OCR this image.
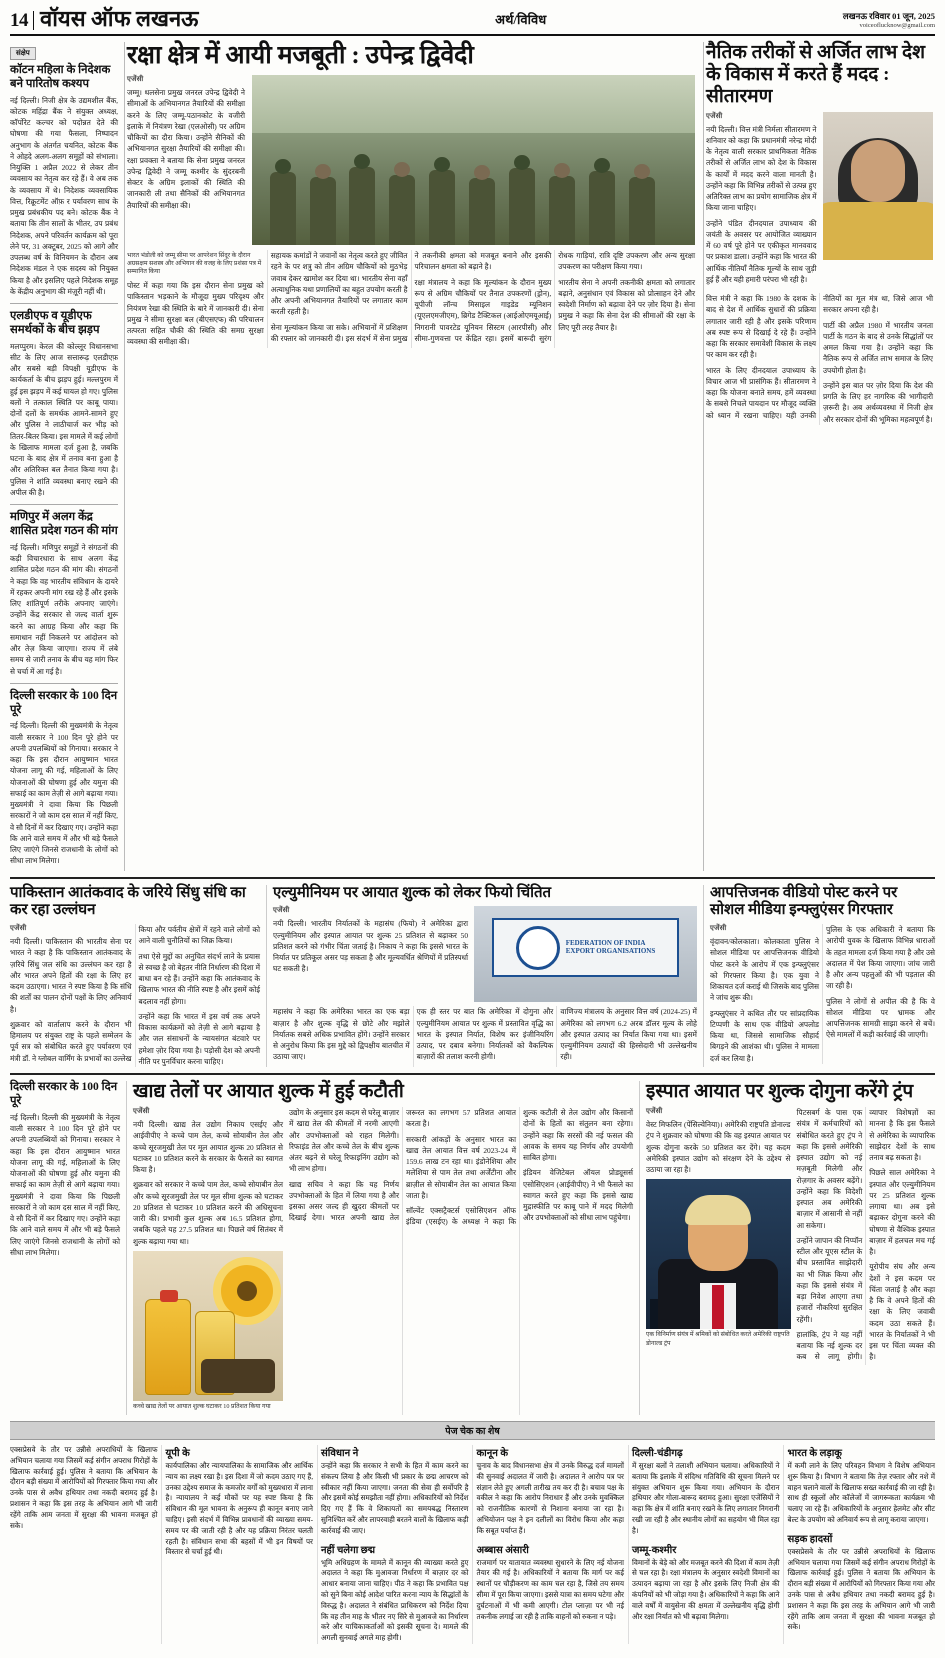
14 वॉयस ऑफ लखनऊ	अर्थ/विविध	लखनऊ रविवार 01 जून, 2025
voiceoflucknow@gmail.com
संक्षेप
कॉटन महिला के निदेशक बने पारितोष कश्यप

नई दिल्ली। निजी क्षेत्र के उद्यमशील बैंक, कोटक महिंद्रा बैंक ने संयुक्त अध्यक्ष, कॉर्पोरेट कल्चर को पदोन्नत देते की घोषणा की गया फैसला, निष्पादन अनुभाग के अंतर्गत चयनित, कोटक बैंक ने ओहदे अलग-अलग समूहों को संभाला। नियुक्ति 1 अप्रैल 2022 से लेकर तीन व्यवसाय का नेतृत्व कर रहे हैं। वे अब तक के व्यवसाय में थे। निदेशक व्यवसायिक वित्त, रिक्रूटमेंट ऑफ़ र पर्यावरण साथ के प्रमुख प्रबंधकीय पद बने। कोटक बैंक ने बताया कि तीन सालों के भीतर, उप प्रबंध निदेशक, अपने परिवर्तन कार्यक्रम को पूरा लेने पर, 31 अक्टूबर, 2025 को आगे और उपलब्ध वर्ष के विनियमन के दौरान अब निदेशक मंडल ने एक सदस्य को नियुक्त किया है और इसलिए पहले निदेशक समूह के केंद्रीय अनुभाग की मंज़ूरी नहीं थी।

एलडीएफ व यूडीएफ समर्थकों के बीच झड़प

मलप्पुरम। केरल की कोल्लूर विधानसभा सीट के लिए आज सत्तारूढ़ एलडीएफ़ और सबसे बड़ी विपक्षी यूडीएफ के कार्यकर्ता के बीच झड़प हुई। मल्लपुरम में हुई इस झड़प में कई घायल हो गए। पुलिस बलों ने तत्काल स्थिति पर काबू पाया। दोनों दलों के समर्थक आमने-सामने हुए और पुलिस ने लाठीचार्ज कर भीड़ को तितर-बितर किया। इस मामले में कई लोगों के खिलाफ मामला दर्ज हुआ है, जबकि घटना के बाद क्षेत्र में तनाव बना हुआ है और अतिरिक्त बल तैनात किया गया है। पुलिस ने शांति व्यवस्था बनाए रखने की अपील की है।

मणिपुर में अलग केंद्र शासित प्रदेश गठन की मांग

नई दिल्ली। मणिपुर समूहों ने संगठनों की कड़ी विचारधारा के साथ अलग केंद्र शासित प्रदेश गठन की मांग की। संगठनों ने कहा कि वह भारतीय संविधान के दायरे में रहकर अपनी मांग रख रहे हैं और इसके लिए शांतिपूर्ण तरीके अपनाए जाएंगे। उन्होंने केंद्र सरकार से जल्द वार्ता शुरू करने का आग्रह किया और कहा कि समाधान नहीं निकलने पर आंदोलन को और तेज़ किया जाएगा। राज्य में लंबे समय से जारी तनाव के बीच यह मांग फिर से चर्चा में आ गई है।

दिल्ली सरकार के 100 दिन पूरे

नई दिल्ली। दिल्ली की मुख्यमंत्री के नेतृत्व वाली सरकार ने 100 दिन पूरे होने पर अपनी उपलब्धियों को गिनाया। सरकार ने कहा कि इस दौरान आयुष्मान भारत योजना लागू की गई, महिलाओं के लिए योजनाओं की घोषणा हुई और यमुना की सफाई का काम तेज़ी से आगे बढ़ाया गया। मुख्यमंत्री ने दावा किया कि पिछली सरकारों ने जो काम दस साल में नहीं किए, वे सौ दिनों में कर दिखाए गए। उन्होंने कहा कि आने वाले समय में और भी बड़े फैसले लिए जाएंगे जिनसे राजधानी के लोगों को सीधा लाभ मिलेगा।

रक्षा क्षेत्र में आयी मजबूती : उपेन्द्र द्विवेदी
एजेंसी

जम्मू। थलसेना प्रमुख जनरल उपेन्द्र द्विवेदी ने सीमाओं के अभियानगत तैयारियों की समीक्षा करने के लिए जम्मू-पठानकोट के वजीरी इलाके में नियंत्रण रेखा (एलओसी) पर अग्रिम चौकियों का दौरा किया। उन्होंने सैनिकों की अभियानगत सुरक्षा तैयारियों की समीक्षा की। रक्षा प्रवक्ता ने बताया कि सेना प्रमुख जनरल उपेन्द्र द्विवेदी ने जम्मू कश्मीर के सुंदरबनी सेक्टर के अग्रिम इलाकों की स्थिति की जानकारी ली तथा सैनिकों की अभियानगत तैयारियों की समीक्षा की।

भारत भंडोली को जम्मू सीमा पर आपरेशन सिंदूर के दौरान अग्रसक्षम सशस्त्र और अभियान की वजह के लिए प्रशंसा पत्र में सम्मानित किया

पोस्ट में कहा गया कि इस दौरान सेना प्रमुख को पाकिस्तान भड़काने के मौजूदा मुख्य परिदृश्य और नियंत्रण रेखा की स्थिति के बारे में जानकारी दी। सेना प्रमुख ने सीमा सुरक्षा बल (बीएसएफ) की परिचालन तत्परता सहित चौकी की स्थिति की समग्र सुरक्षा व्यवस्था की समीक्षा की।

सहायक कमांडों ने जवानों का नेतृत्व करते हुए जीवित रहने के पर शत्रु को तीन अग्रिम चौकियों को मुठभेड़ जवाब देकर खामोश कर दिया था। भारतीय सेना वहाँ अत्याधुनिक यथा प्रणालियों का बहुत उपयोग करती है और अपनी अभियानगत तैयारियों पर लगातार काम करती रहती है।

सेना मूल्यांकन किया जा सके। अभियानों में प्रशिक्षण की रफ्तार को जानकारी दी। इस संदर्भ में सेना प्रमुख ने तकनीकी क्षमता को मजबूत बनाने और इसकी परिचालन क्षमता को बढ़ाने है।

रक्षा मंत्रालय ने कहा कि मूल्यांकन के दौरान मुख्य रूप से अग्रिम चौकियों पर तैनात उपकरणों (ड्रोन), यूपीजी लॉन्च मिसाइल गाइडेड म्यूनिशन (यूएलएमजीएम), ब्रिगेड टैक्टिकल (आईओएमयूआई) निगरानी पावरटेड यूनियन सिस्टम (आरपीसी) और सीमा-गुणवत्ता पर केंद्रित रहा। इसमें बारूदी सुरंग रोधक गाड़ियां, रात्रि दृष्टि उपकरण और अन्य सुरक्षा उपकरण का परीक्षण किया गया।

भारतीय सेना ने अपनी तकनीकी क्षमता को लगातार बढ़ाने, अनुसंधान एवं विकास को प्रोत्साहन देने और स्वदेशी निर्माण को बढ़ावा देने पर ज़ोर दिया है। सेना प्रमुख ने कहा कि सेना देश की सीमाओं की रक्षा के लिए पूरी तरह तैयार है।

नैतिक तरीकों से अर्जित लाभ देश के विकास में करते हैं मदद : सीतारमण
एजेंसी

नयी दिल्ली। वित्त मंत्री निर्मला सीतारमण ने शनिवार को कहा कि प्रधानमंत्री नरेन्द्र मोदी के नेतृत्व वाली सरकार प्राथमिकता नैतिक तरीकों से अर्जित लाभ को देश के विकास के कार्यों में मदद करने वाला मानती है। उन्होंने कहा कि विभिन्न तरीकों से उत्पन्न हुए अतिरिक्त लाभ का प्रयोग सामाजिक क्षेत्र में किया जाना चाहिए।

उन्होंने पंडित दीनदयाल उपाध्याय की जयंती के अवसर पर आयोजित व्याख्यान में 60 वर्ष पूरे होने पर एकीकृत मानववाद पर प्रकाश डाला। उन्होंने कहा कि भारत की आर्थिक नीतियाँ नैतिक मूल्यों के साथ जुड़ी हुई हैं और यही हमारी परंपरा भी रही है।

वित्त मंत्री ने कहा कि 1980 के दशक के बाद से देश में आर्थिक सुधारों की प्रक्रिया लगातार जारी रही है और इसके परिणाम अब स्पष्ट रूप से दिखाई दे रहे हैं। उन्होंने कहा कि सरकार समावेशी विकास के लक्ष्य पर काम कर रही है।

भारत के लिए दीनदयाल उपाध्याय के विचार आज भी प्रासंगिक हैं। सीतारमण ने कहा कि योजना बनाते समय, हमें व्यवस्था के सबसे निचले पायदान पर मौजूद व्यक्ति को ध्यान में रखना चाहिए। यही उनकी नीतियों का मूल मंत्र था, जिसे आज भी सरकार अपना रही है।

पार्टी की अप्रैल 1980 में भारतीय जनता पार्टी के गठन के बाद से उनके सिद्धांतों पर अमल किया गया है। उन्होंने कहा कि नैतिक रूप से अर्जित लाभ समाज के लिए उपयोगी होता है।

उन्होंने इस बात पर ज़ोर दिया कि देश की प्रगति के लिए हर नागरिक की भागीदारी ज़रूरी है। अब अर्थव्यवस्था में निजी क्षेत्र और सरकार दोनों की भूमिका महत्वपूर्ण है।

पाकिस्तान आतंकवाद के जरिये सिंधु संधि का कर रहा उल्लंघन
एजेंसी

नयी दिल्ली। पाकिस्तान की भारतीय सेना पर भारत ने कहा है कि पाकिस्तान आतंकवाद के ज़रिये सिंधु जल संधि का उल्लंघन कर रहा है और भारत अपने हितों की रक्षा के लिए हर कदम उठाएगा। भारत ने स्पष्ट किया है कि संधि की शर्तों का पालन दोनों पक्षों के लिए अनिवार्य है।

शुक्रवार को वार्तालाप करने के दौरान भी हिमालय पर संयुक्त राष्ट्र के पहले सम्मेलन के पूर्व सत्र को संबोधित करते हुए पर्यावरण एवं मंत्री डॉ. ने ग्लोबल वार्मिंग के प्रभावों का उल्लेख किया और पर्वतीय क्षेत्रों में रहने वाले लोगों को आने वाली चुनौतियों का जिक्र किया।

तथा ऐसे मुद्दों का अनुचित संदर्भ लाने के प्रयास से स्वच्छ है जो बेहतर नीति निर्धारण की दिशा में बाधा बन रहे हैं। उन्होंने कहा कि आतंकवाद के खिलाफ भारत की नीति स्पष्ट है और इसमें कोई बदलाव नहीं होगा।

उन्होंने कहा कि भारत में इस वर्ष तक अपने विकास कार्यक्रमों को तेज़ी से आगे बढ़ाया है और जल संसाधनों के न्यायसंगत बंटवारे पर हमेशा ज़ोर दिया गया है। पड़ोसी देश को अपनी नीति पर पुनर्विचार करना चाहिए।

एल्युमीनियम पर आयात शुल्क को लेकर फियो चिंतित
एजेंसी

नयी दिल्ली। भारतीय निर्यातकों के महासंघ (फियो) ने अमेरिका द्वारा एल्युमीनियम और इस्पात आयात पर शुल्क 25 प्रतिशत से बढ़ाकर 50 प्रतिशत करने को गंभीर चिंता जताई है। निकाय ने कहा कि इससे भारत के निर्यात पर प्रतिकूल असर पड़ सकता है और मूल्यवर्धित श्रेणियों में प्रतिस्पर्धा घट सकती है।

FEDERATION OF INDIA
EXPORT ORGANISATIONS

महासंघ ने कहा कि अमेरिका भारत का एक बड़ा बाज़ार है और शुल्क वृद्धि से छोटे और मझोले निर्यातक सबसे अधिक प्रभावित होंगे। उन्होंने सरकार से अनुरोध किया कि इस मुद्दे को द्विपक्षीय बातचीत में उठाया जाए।

एक ही स्तर पर बात कि अमेरिका में दोगुना और एल्युमीनियम आयात पर शुल्क में प्रस्तावित वृद्धि का भारत के इस्पात निर्यात, विशेष कर इंजीनियरिंग उत्पाद, पर दबाव बनेगा। निर्यातकों को वैकल्पिक बाज़ारों की तलाश करनी होगी।

वाणिज्य मंत्रालय के अनुसार वित्त वर्ष (2024-25) में अमेरिका को लगभग 6.2 अरब डॉलर मूल्य के लोहे और इस्पात उत्पाद का निर्यात किया गया था। इसमें एल्युमीनियम उत्पादों की हिस्सेदारी भी उल्लेखनीय रही।

आपत्तिजनक वीडियो पोस्ट करने पर सोशल मीडिया इन्फ्लुएंसर गिरफ्तार
एजेंसी

वृंदावन/कोलकाता। कोलकाता पुलिस ने सोशल मीडिया पर आपत्तिजनक वीडियो पोस्ट करने के आरोप में एक इन्फ्लुएंसर को गिरफ्तार किया है। एक युवा ने शिकायत दर्ज कराई थी जिसके बाद पुलिस ने जांच शुरू की।

इन्फ्लुएंसर ने कथित तौर पर सांप्रदायिक टिप्पणी के साथ एक वीडियो अपलोड किया था, जिससे सामाजिक सौहार्द बिगड़ने की आशंका थी। पुलिस ने मामला दर्ज कर लिया है।

पुलिस के एक अधिकारी ने बताया कि आरोपी युवक के खिलाफ विभिन्न धाराओं के तहत मामला दर्ज किया गया है और उसे अदालत में पेश किया जाएगा। जांच जारी है और अन्य पहलुओं की भी पड़ताल की जा रही है।

पुलिस ने लोगों से अपील की है कि वे सोशल मीडिया पर भ्रामक और आपत्तिजनक सामग्री साझा करने से बचें। ऐसे मामलों में कड़ी कार्रवाई की जाएगी।

दिल्ली सरकार के 100 दिन पूरे

नई दिल्ली। दिल्ली की मुख्यमंत्री के नेतृत्व वाली सरकार ने 100 दिन पूरे होने पर अपनी उपलब्धियों को गिनाया। सरकार ने कहा कि इस दौरान आयुष्मान भारत योजना लागू की गई, महिलाओं के लिए योजनाओं की घोषणा हुई और यमुना की सफाई का काम तेज़ी से आगे बढ़ाया गया। मुख्यमंत्री ने दावा किया कि पिछली सरकारों ने जो काम दस साल में नहीं किए, वे सौ दिनों में कर दिखाए गए। उन्होंने कहा कि आने वाले समय में और भी बड़े फैसले लिए जाएंगे जिनसे राजधानी के लोगों को सीधा लाभ मिलेगा।

खाद्य तेलों पर आयात शुल्क में हुई कटौती
एजेंसी

नयी दिल्ली। खाद्य तेल उद्योग निकाय एसईए और आईवीपीए ने कच्चे पाम तेल, कच्चे सोयाबीन तेल और कच्चे सूरजमुखी तेल पर मूल आयात शुल्क 20 प्रतिशत से घटाकर 10 प्रतिशत करने के सरकार के फैसले का स्वागत किया है।

शुक्रवार को सरकार ने कच्चे पाम तेल, कच्चे सोयाबीन तेल और कच्चे सूरजमुखी तेल पर मूल सीमा शुल्क को घटाकर 20 प्रतिशत से घटाकर 10 प्रतिशत करने की अधिसूचना जारी की। प्रभावी कुल शुल्क अब 16.5 प्रतिशत होगा, जबकि पहले यह 27.5 प्रतिशत था। पिछले वर्ष सितंबर में शुल्क बढ़ाया गया था।

कच्चे खाद्य तेलों पर आयात शुल्क घटाकर 10 प्रतिशत किया गया

उद्योग के अनुसार इस कदम से घरेलू बाज़ार में खाद्य तेल की कीमतों में नरमी आएगी और उपभोक्ताओं को राहत मिलेगी। रिफाइंड तेल और कच्चे तेल के बीच शुल्क अंतर बढ़ने से घरेलू रिफाइनिंग उद्योग को भी लाभ होगा।

खाद्य सचिव ने कहा कि यह निर्णय उपभोक्ताओं के हित में लिया गया है और इसका असर जल्द ही खुदरा कीमतों पर दिखाई देगा। भारत अपनी खाद्य तेल जरूरत का लगभग 57 प्रतिशत आयात करता है।

सरकारी आंकड़ों के अनुसार भारत का खाद्य तेल आयात वित्त वर्ष 2023-24 में 159.6 लाख टन रहा था। इंडोनेशिया और मलेशिया से पाम तेल तथा अर्जेंटीना और ब्राज़ील से सोयाबीन तेल का आयात किया जाता है।

सॉल्वेंट एक्सट्रैक्टर्स एसोसिएशन ऑफ इंडिया (एसईए) के अध्यक्ष ने कहा कि शुल्क कटौती से तेल उद्योग और किसानों दोनों के हितों का संतुलन बना रहेगा। उन्होंने कहा कि सरसों की नई फसल की आवक के समय यह निर्णय और उपयोगी साबित होगा।

इंडियन वेजिटेबल ऑयल प्रोड्यूसर्स एसोसिएशन (आईवीपीए) ने भी फैसले का स्वागत करते हुए कहा कि इससे खाद्य मुद्रास्फीति पर काबू पाने में मदद मिलेगी और उपभोक्ताओं को सीधा लाभ पहुंचेगा।

इस्पात आयात पर शुल्क दोगुना करेंगे ट्रंप
एजेंसी

वेस्ट मिफलिन (पेंसिल्वेनिया)। अमेरिकी राष्ट्रपति डोनाल्ड ट्रंप ने शुक्रवार को घोषणा की कि वह इस्पात आयात पर शुल्क दोगुना करके 50 प्रतिशत कर देंगे। यह कदम अमेरिकी इस्पात उद्योग को संरक्षण देने के उद्देश्य से उठाया जा रहा है।

एक विनिर्माण संयंत्र में श्रमिकों को संबोधित करते अमेरिकी राष्ट्रपति डोनाल्ड ट्रंप

पिटसबर्ग के पास एक संयंत्र में कर्मचारियों को संबोधित करते हुए ट्रंप ने कहा कि इससे अमेरिकी इस्पात उद्योग को नई मज़बूती मिलेगी और रोज़गार के अवसर बढ़ेंगे। उन्होंने कहा कि विदेशी इस्पात अब अमेरिकी बाज़ार में आसानी से नहीं आ सकेगा।

उन्होंने जापान की निप्पॉन स्टील और यूएस स्टील के बीच प्रस्तावित साझेदारी का भी जिक्र किया और कहा कि इससे संयंत्र में बड़ा निवेश आएगा तथा हजारों नौकरियां सुरक्षित रहेंगी।

हालांकि, ट्रंप ने यह नहीं बताया कि नई शुल्क दर कब से लागू होगी। व्यापार विशेषज्ञों का मानना है कि इस फैसले से अमेरिका के व्यापारिक साझेदार देशों के साथ तनाव बढ़ सकता है।

पिछले साल अमेरिका ने इस्पात और एल्युमीनियम पर 25 प्रतिशत शुल्क लगाया था। अब इसे बढ़ाकर दोगुना करने की घोषणा से वैश्विक इस्पात बाज़ार में हलचल मच गई है।

यूरोपीय संघ और अन्य देशों ने इस कदम पर चिंता जताई है और कहा है कि वे अपने हितों की रक्षा के लिए जवाबी कदम उठा सकते हैं। भारत के निर्यातकों ने भी इस पर चिंता व्यक्त की है।

पेज चेक का शेष

एक्सप्रेसवे के तौर पर उन्नीसे अपराधियों के खिलाफ अभियान चलाया गया जिसमें कई संगीन अपराध गिरोहों के खिलाफ कार्रवाई हुई। पुलिस ने बताया कि अभियान के दौरान बड़ी संख्या में आरोपियों को गिरफ्तार किया गया और उनके पास से अवैध हथियार तथा नकदी बरामद हुई है। प्रशासन ने कहा कि इस तरह के अभियान आगे भी जारी रहेंगे ताकि आम जनता में सुरक्षा की भावना मजबूत हो सके।

यूपी के

कार्यपालिका और न्यायपालिका के सामाजिक और आर्थिक न्याय का लक्ष्य रखा है। इस दिशा में जो कदम उठाए गए हैं, उनका उद्देश्य समाज के कमजोर वर्गों को मुख्यधारा में लाना है। न्यायालय ने कई मौकों पर यह स्पष्ट किया है कि संविधान की मूल भावना के अनुरूप ही कानून बनाए जाने चाहिए। इसी संदर्भ में विभिन्न प्रावधानों की व्याख्या समय-समय पर की जाती रही है और यह प्रक्रिया निरंतर चलती रहती है। संविधान सभा की बहसों में भी इन विषयों पर विस्तार से चर्चा हुई थी।

संविधान ने

उन्होंने कहा कि सरकार ने सभी के हित में काम करने का संकल्प लिया है और किसी भी प्रकार के छद्म आचरण को स्वीकार नहीं किया जाएगा। जनता की सेवा ही सर्वोपरि है और इसमें कोई समझौता नहीं होगा। अधिकारियों को निर्देश दिए गए हैं कि वे शिकायतों का समयबद्ध निस्तारण सुनिश्चित करें और लापरवाही बरतने वालों के खिलाफ कड़ी कार्रवाई की जाए।

नहीं चलेगा छद्म

भूमि अधिग्रहण के मामले में कानून की व्याख्या करते हुए अदालत ने कहा कि मुआवजा निर्धारण में बाज़ार दर को आधार बनाया जाना चाहिए। पीठ ने कहा कि प्रभावित पक्ष को सुने बिना कोई आदेश पारित करना न्याय के सिद्धांतों के विरुद्ध है। अदालत ने संबंधित प्राधिकरण को निर्देश दिया कि वह तीन माह के भीतर नए सिरे से मुआवजे का निर्धारण करे और याचिकाकर्ताओं को इसकी सूचना दे। मामले की अगली सुनवाई अगले माह होगी।

कानून के

चुनाव के बाद विधानसभा क्षेत्र में उनके विरुद्ध दर्ज मामलों की सुनवाई अदालत में जारी है। अदालत ने आरोप पत्र पर संज्ञान लेते हुए अगली तारीख तय कर दी है। बचाव पक्ष के वकील ने कहा कि आरोप निराधार हैं और उनके मुवक्किल को राजनीतिक कारणों से निशाना बनाया जा रहा है। अभियोजन पक्ष ने इन दलीलों का विरोध किया और कहा कि सबूत पर्याप्त हैं।

अब्बास अंसारी

राजमार्ग पर यातायात व्यवस्था सुधारने के लिए नई योजना तैयार की गई है। अधिकारियों ने बताया कि मार्ग पर कई स्थानों पर चौड़ीकरण का काम चल रहा है, जिसे तय समय सीमा में पूरा किया जाएगा। इससे यात्रा का समय घटेगा और दुर्घटनाओं में भी कमी आएगी। टोल प्लाज़ा पर भी नई तकनीक लगाई जा रही है ताकि वाहनों को रुकना न पड़े।

दिल्ली-चंडीगढ़

में सुरक्षा बलों ने तलाशी अभियान चलाया। अधिकारियों ने बताया कि इलाके में संदिग्ध गतिविधि की सूचना मिलने पर संयुक्त अभियान शुरू किया गया। अभियान के दौरान हथियार और गोला-बारूद बरामद हुआ। सुरक्षा एजेंसियों ने कहा कि क्षेत्र में शांति बनाए रखने के लिए लगातार निगरानी रखी जा रही है और स्थानीय लोगों का सहयोग भी मिल रहा है।

जम्मू-कश्मीर

विमानों के बेड़े को और मजबूत करने की दिशा में काम तेज़ी से चल रहा है। रक्षा मंत्रालय के अनुसार स्वदेशी विमानों का उत्पादन बढ़ाया जा रहा है और इसके लिए निजी क्षेत्र की कंपनियों को भी जोड़ा गया है। अधिकारियों ने कहा कि आने वाले वर्षों में वायुसेना की क्षमता में उल्लेखनीय वृद्धि होगी और रक्षा निर्यात को भी बढ़ावा मिलेगा।

भारत के लड़ाकू

में कमी लाने के लिए परिवहन विभाग ने विशेष अभियान शुरू किया है। विभाग ने बताया कि तेज़ रफ्तार और नशे में वाहन चलाने वालों के खिलाफ सख्त कार्रवाई की जा रही है। साथ ही स्कूलों और कॉलेजों में जागरूकता कार्यक्रम भी चलाए जा रहे हैं। अधिकारियों के अनुसार हेलमेट और सीट बेल्ट के उपयोग को अनिवार्य रूप से लागू कराया जाएगा।

सड़क हादसों

एक्सप्रेसवे के तौर पर उन्नीसे अपराधियों के खिलाफ अभियान चलाया गया जिसमें कई संगीन अपराध गिरोहों के खिलाफ कार्रवाई हुई। पुलिस ने बताया कि अभियान के दौरान बड़ी संख्या में आरोपियों को गिरफ्तार किया गया और उनके पास से अवैध हथियार तथा नकदी बरामद हुई है। प्रशासन ने कहा कि इस तरह के अभियान आगे भी जारी रहेंगे ताकि आम जनता में सुरक्षा की भावना मजबूत हो सके।
